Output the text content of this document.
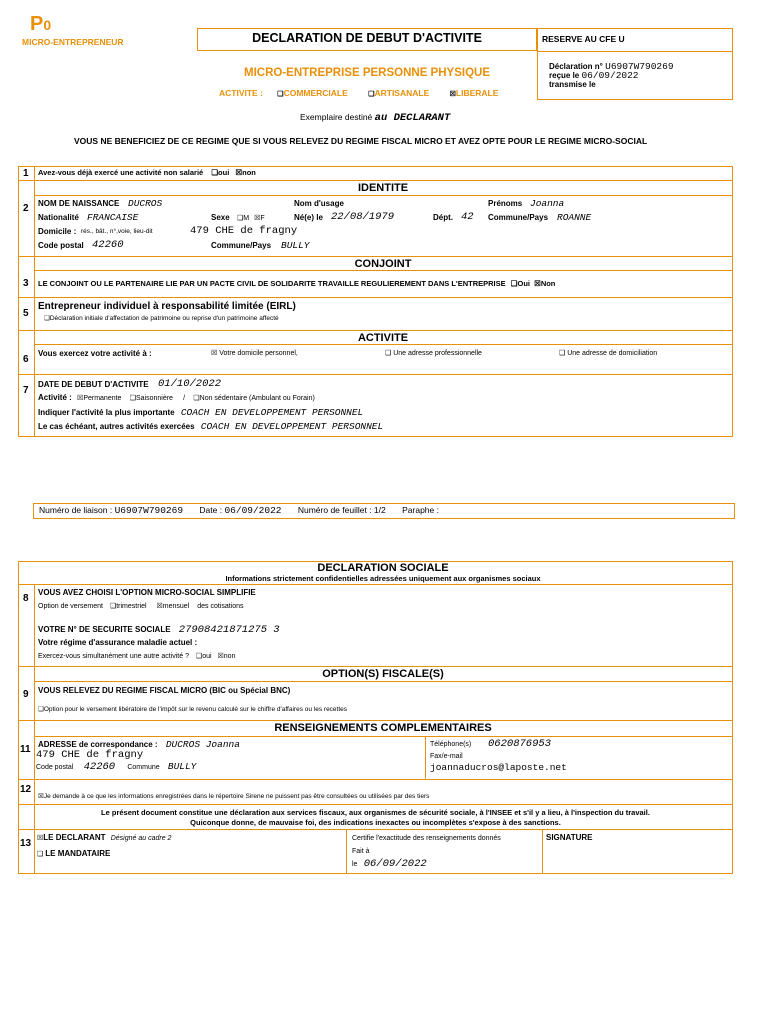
P0
MICRO-ENTREPRENEUR	DECLARATION DE DEBUT D'ACTIVITE	RESERVE AU CFE U
Déclaration n° U6907W790269
reçue le 06/09/2022
transmise le
MICRO-ENTREPRISE PERSONNE PHYSIQUE
ACTIVITE : ❑COMMERCIALE	❑ARTISANALE	☒LIBERALE
Exemplaire destiné au DECLARANT
VOUS NE BENEFICIEZ DE CE REGIME QUE SI VOUS RELEVEZ DU REGIME FISCAL MICRO ET AVEZ OPTE POUR LE REGIME MICRO-SOCIAL
1 Avez-vous déjà exercé une activité non salarié ❑oui ☒non
IDENTITE
2 NOM DE NAISSANCE DUCROS	Nom d'usage	Prénoms Joanna
Nationalité FRANCAISE	Sexe ❑M ☒F	Né(e) le 22/08/1979	Dépt. 42 Commune/Pays ROANNE
Domicile : rés., bât., n°,voie, lieu-dit	479 CHE de fragny
Code postal 42260	Commune/Pays BULLY
CONJOINT
3 LE CONJOINT OU LE PARTENAIRE LIE PAR UN PACTE CIVIL DE SOLIDARITE TRAVAILLE REGULIEREMENT DANS L'ENTREPRISE ❑Oui ☒Non
5
Entrepreneur individuel à responsabilité limitée (EIRL)
❑Déclaration initiale d'affectation de patrimoine ou reprise d'un patrimoine affecté
ACTIVITE
6
Vous exercez votre activité à :	☒ Votre domicile personnel,	❑ Une adresse professionnelle	❑ Une adresse de domiciliation
7
DATE DE DEBUT D'ACTIVITE 01/10/2022
Activité : ☒Permanente ❑Saisonnière / ❑Non sédentaire (Ambulant ou Forain)
Indiquer l'activité la plus importante COACH EN DEVELOPPEMENT PERSONNEL
Le cas échéant, autres activités exercées COACH EN DEVELOPPEMENT PERSONNEL
Numéro de liaison : U6907W790269 Date : 06/09/2022 Numéro de feuillet : 1/2 Paraphe :
DECLARATION SOCIALE
Informations strictement confidentielles adressées uniquement aux organismes sociaux
8
VOUS AVEZ CHOISI L'OPTION MICRO-SOCIAL SIMPLIFIE
Option de versement ❑trimestriel ☒mensuel des cotisations
VOTRE N° DE SECURITE SOCIALE 27908421871275 3
Votre régime d'assurance maladie actuel :
Exercez-vous simultanément une autre activité ? ❑oui ☒non
OPTION(S) FISCALE(S)
9 VOUS RELEVEZ DU REGIME FISCAL MICRO (BIC ou Spécial BNC)
❑Option pour le versement libératoire de l'impôt sur le revenu calculé sur le chiffre d'affaires ou les recettes
RENSEIGNEMENTS COMPLEMENTAIRES
11 ADRESSE de correspondance : DUCROS Joanna
479 CHE de fragny
Code postal 42260 Commune BULLY
Téléphone(s) 0620876953
Fax/e-mail
joannaducros@laposte.net
12
☒Je demande à ce que les informations enregistrées dans le répertoire Sirene ne puissent pas être consultées ou utilisées par des tiers
Le présent document constitue une déclaration aux services fiscaux, aux organismes de sécurité sociale, à l'INSEE et s'il y a lieu, à l'inspection du travail.
Quiconque donne, de mauvaise foi, des indications inexactes ou incomplètes s'expose à des sanctions.
13 ☒LE DECLARANT Désigné au cadre 2
❑ LE MANDATAIRE
Certifie l'exactitude des renseignements donnés
Fait à
le 06/09/2022
SIGNATURE
